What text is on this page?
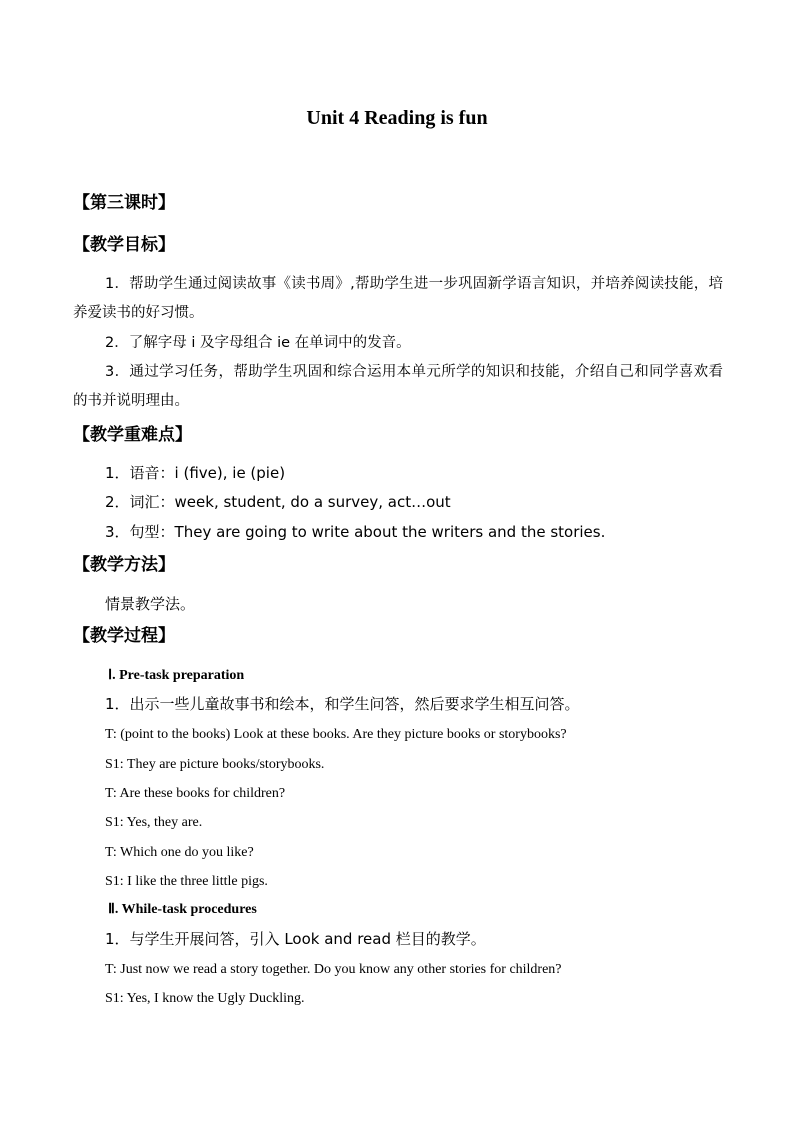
Unit 4 Reading is fun
【第三课时】
【教学目标】
1．帮助学生通过阅读故事《读书周》,帮助学生进一步巩固新学语言知识，并培养阅读技能，培养爱读书的好习惯。
2．了解字母 i 及字母组合 ie 在单词中的发音。
3．通过学习任务，帮助学生巩固和综合运用本单元所学的知识和技能，介绍自己和同学喜欢看的书并说明理由。
【教学重难点】
1．语音：i (five), ie (pie)
2．词汇：week, student, do a survey, act…out
3．句型：They are going to write about the writers and the stories.
【教学方法】
情景教学法。
【教学过程】
Ⅰ. Pre-task preparation
1．出示一些儿童故事书和绘本，和学生问答，然后要求学生相互问答。
T: (point to the books) Look at these books. Are they picture books or storybooks?
S1: They are picture books/storybooks.
T: Are these books for children?
S1: Yes, they are.
T: Which one do you like?
S1: I like the three little pigs.
Ⅱ. While-task procedures
1．与学生开展问答，引入 Look and read 栏目的教学。
T: Just now we read a story together. Do you know any other stories for children?
S1: Yes, I know the Ugly Duckling.
